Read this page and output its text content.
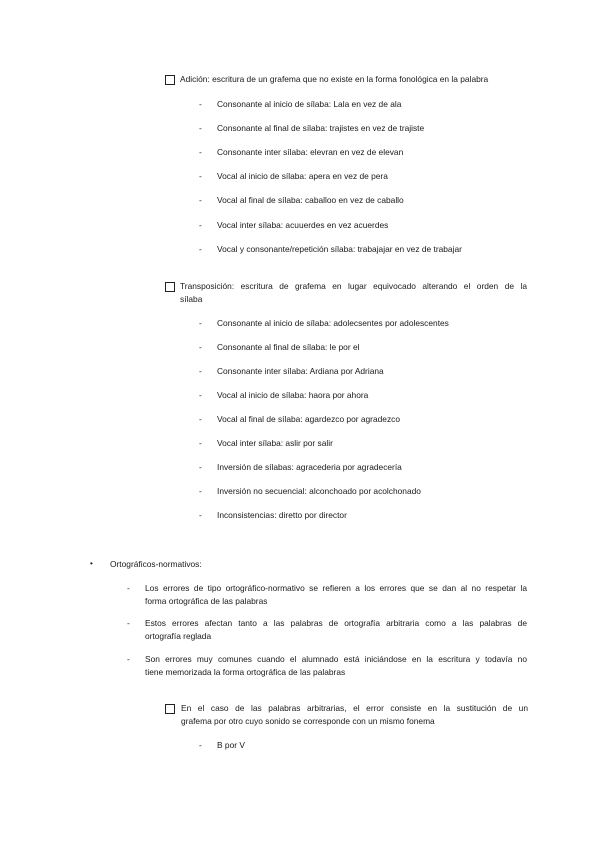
Adición: escritura de un grafema que no existe en la forma fonológica en la palabra
- Consonante al inicio de sílaba: Lala en vez de ala
- Consonante al final de sílaba: trajistes en vez de trajiste
- Consonante inter sílaba: elevran en vez de elevan
- Vocal al inicio de sílaba: apera en vez de pera
- Vocal al final de sílaba: caballoo en vez de caballo
- Vocal inter sílaba: acuuerdes en vez acuerdes
- Vocal y consonante/repetición sílaba: trabajajar en vez de trabajar
Transposición: escritura de grafema en lugar equivocado alterando el orden de la
sílaba
- Consonante al inicio de sílaba: adolecsentes por adolescentes
- Consonante al final de sílaba: le por el
- Consonante inter sílaba: Ardiana por Adriana
- Vocal al inicio de sílaba: haora por ahora
- Vocal al final de sílaba: agardezco por agradezco
- Vocal inter sílaba: aslir por salir
- Inversión de sílabas: agracederia por agradecería
- Inversión no secuencial: alconchoado por acolchonado
- Inconsistencias: diretto por director
• Ortográficos-normativos:
- Los errores de tipo ortográfico-normativo se refieren a los errores que se dan al no respetar la
forma ortográfica de las palabras
- Estos errores afectan tanto a las palabras de ortografía arbitraria como a las palabras de
ortografía reglada
- Son errores muy comunes cuando el alumnado está iniciándose en la escritura y todavía no
tiene memorizada la forma ortográfica de las palabras
En el caso de las palabras arbitrarias, el error consiste en la sustitución de un
grafema por otro cuyo sonido se corresponde con un mismo fonema
- B por V
